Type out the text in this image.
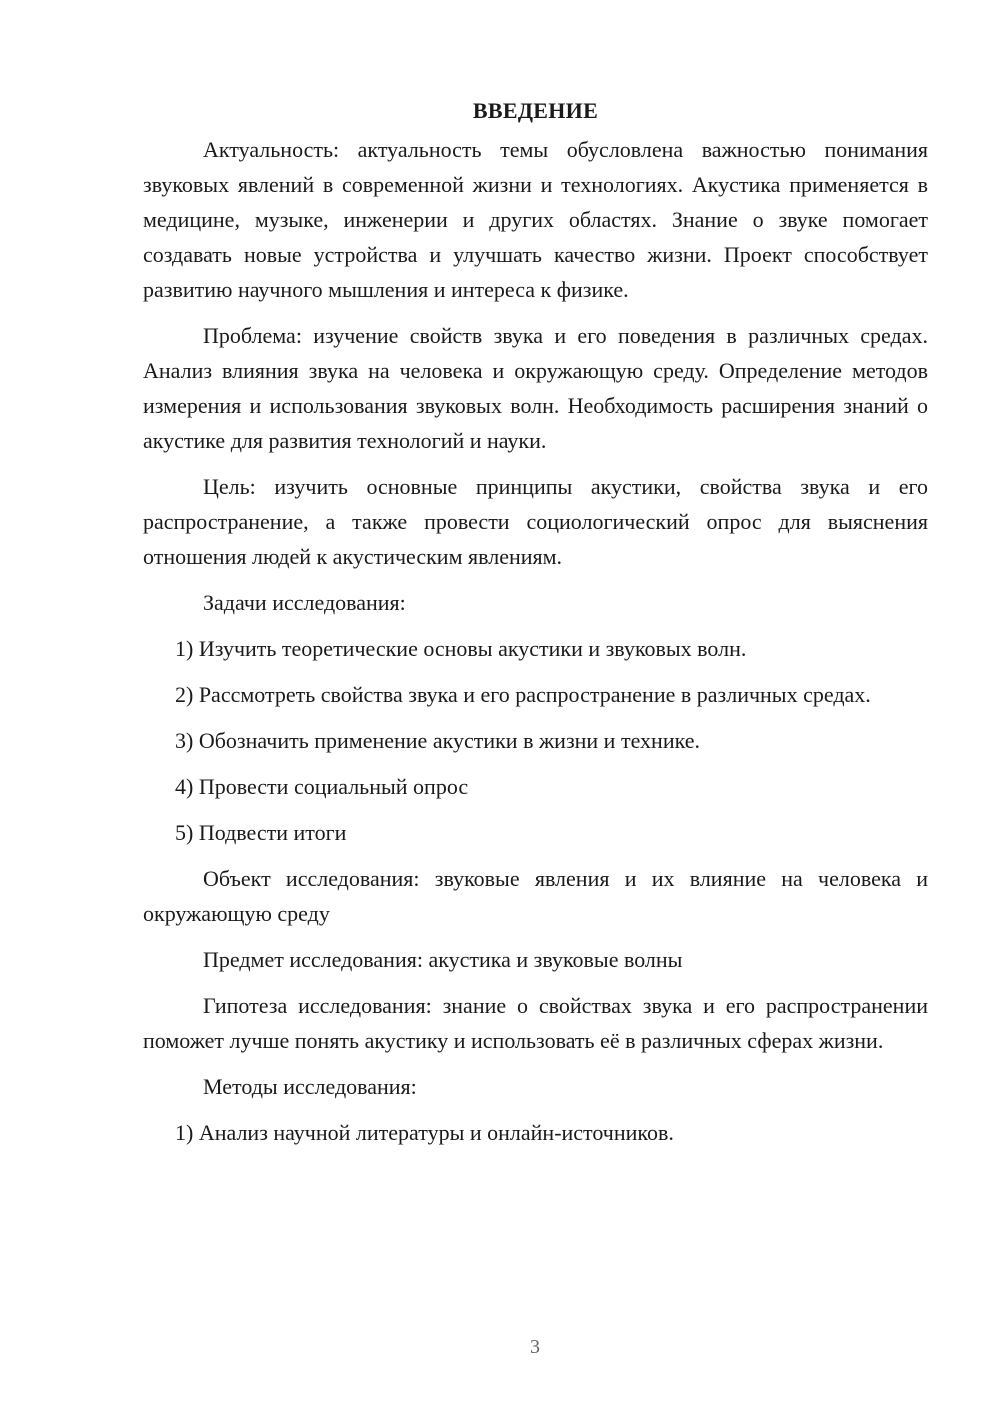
ВВЕДЕНИЕ

Актуальность: актуальность темы обусловлена важностью понимания звуковых явлений в современной жизни и технологиях. Акустика применяется в медицине, музыке, инженерии и других областях. Знание о звуке помогает создавать новые устройства и улучшать качество жизни. Проект способствует развитию научного мышления и интереса к физике.

Проблема: изучение свойств звука и его поведения в различных средах. Анализ влияния звука на человека и окружающую среду. Определение методов измерения и использования звуковых волн. Необходимость расширения знаний о акустике для развития технологий и науки.

Цель: изучить основные принципы акустики, свойства звука и его распространение, а также провести социологический опрос для выяснения отношения людей к акустическим явлениям.

Задачи исследования:

1) Изучить теоретические основы акустики и звуковых волн.

2) Рассмотреть свойства звука и его распространение в различных средах.

3) Обозначить применение акустики в жизни и технике.

4) Провести социальный опрос

5) Подвести итоги

Объект исследования: звуковые явления и их влияние на человека и окружающую среду

Предмет исследования: акустика и звуковые волны

Гипотеза исследования: знание о свойствах звука и его распространении поможет лучше понять акустику и использовать её в различных сферах жизни.

Методы исследования:

1) Анализ научной литературы и онлайн-источников.

3
